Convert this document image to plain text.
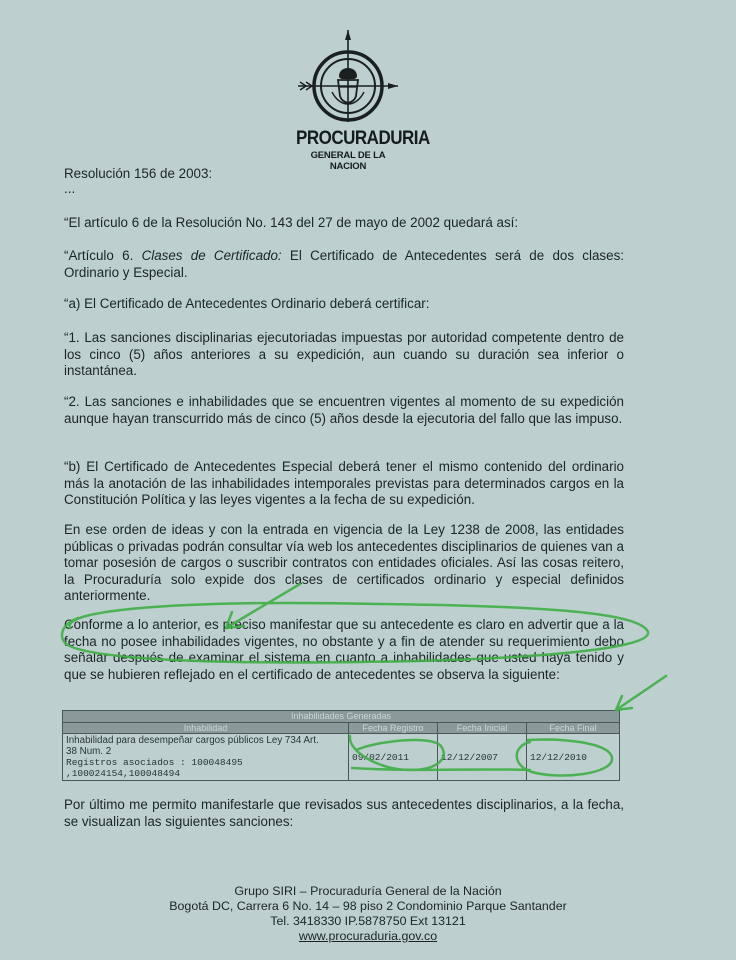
PROCURADURIA
GENERAL DE LA NACION

Resolución 156 de 2003:

...

“El artículo 6 de la Resolución No. 143 del 27 de mayo de 2002 quedará así:

“Artículo 6. Clases de Certificado: El Certificado de Antecedentes será de dos clases: Ordinario y Especial.

“a) El Certificado de Antecedentes Ordinario deberá certificar:

“1. Las sanciones disciplinarias ejecutoriadas impuestas por autoridad competente dentro de los cinco (5) años anteriores a su expedición, aun cuando su duración sea inferior o instantánea.

“2. Las sanciones e inhabilidades que se encuentren vigentes al momento de su expedición aunque hayan transcurrido más de cinco (5) años desde la ejecutoria del fallo que las impuso.

“b) El Certificado de Antecedentes Especial deberá tener el mismo contenido del ordinario más la anotación de las inhabilidades intemporales previstas para determinados cargos en la Constitución Política y las leyes vigentes a la fecha de su expedición.

En ese orden de ideas y con la entrada en vigencia de la Ley 1238 de 2008, las entidades públicas o privadas podrán consultar vía web los antecedentes disciplinarios de quienes van a tomar posesión de cargos o suscribir contratos con entidades oficiales. Así las cosas reitero, la Procuraduría solo expide dos clases de certificados ordinario y especial definidos anteriormente.

Conforme a lo anterior, es preciso manifestar que su antecedente es claro en advertir que a la fecha no posee inhabilidades vigentes, no obstante y a fin de atender su requerimiento debo señalar después de examinar el sistema en cuanto a inhabilidades que usted haya tenido y que se hubieren reflejado en el certificado de antecedentes se observa la siguiente:

Inhabilidades Generadas			
Inhabilidad	Fecha Registro	Fecha Inicial	Fecha Final

Inhabilidad para desempeñar cargos públicos Ley 734 Art.
38 Num. 2
Registros asociados : 100048495 ,100024154,100048494	09/02/2011	12/12/2007	12/12/2010

Por último me permito manifestarle que revisados sus antecedentes disciplinarios, a la fecha, se visualizan las siguientes sanciones:

Grupo SIRI – Procuraduría General de la Nación
Bogotá DC, Carrera 6 No. 14 – 98 piso 2 Condominio Parque Santander
Tel. 3418330 IP.5878750 Ext 13121
www.procuraduria.gov.co
